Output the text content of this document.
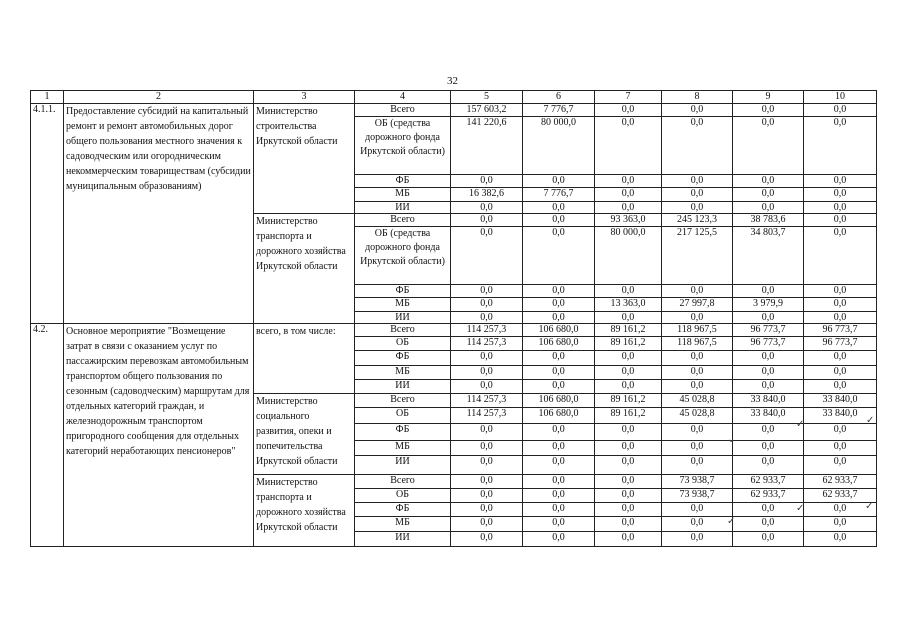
32
1	2	3	4	5	6	7	8	9	10
4.1.1.	Предоставление субсидий на капитальный ремонт и ремонт автомобильных дорог общего пользования местного значения к садоводческим или огородническим некоммерческим товариществам (субсидии муниципальным образованиям)	Министерство строительства Иркутской области	Всего	157 603,2	7 776,7	0,0	0,0	0,0	0,0
			ОБ (средства дорожного фонда Иркутской области)	141 220,6	80 000,0	0,0	0,0	0,0	0,0
			ФБ	0,0	0,0	0,0	0,0	0,0	0,0
			МБ	16 382,6	7 776,7	0,0	0,0	0,0	0,0
			ИИ	0,0	0,0	0,0	0,0	0,0	0,0
		Министерство транспорта и дорожного хозяйства Иркутской области	Всего	0,0	0,0	93 363,0	245 123,3	38 783,6	0,0
			ОБ (средства дорожного фонда Иркутской области)	0,0	0,0	80 000,0	217 125,5	34 803,7	0,0
			ФБ	0,0	0,0	0,0	0,0	0,0	0,0
			МБ	0,0	0,0	13 363,0	27 997,8	3 979,9	0,0
			ИИ	0,0	0,0	0,0	0,0	0,0	0,0
4.2.	Основное мероприятие "Возмещение затрат в связи с оказанием услуг по пассажирским перевозкам автомобильным транспортом общего пользования по сезонным (садоводческим) маршрутам для отдельных категорий граждан, и железнодорожным транспортом пригородного сообщения для отдельных категорий неработающих пенсионеров"	всего, в том числе:	Всего	114 257,3	106 680,0	89 161,2	118 967,5	96 773,7	96 773,7
			ОБ	114 257,3	106 680,0	89 161,2	118 967,5	96 773,7	96 773,7
			ФБ	0,0	0,0	0,0	0,0	0,0	0,0
			МБ	0,0	0,0	0,0	0,0	0,0	0,0
			ИИ	0,0	0,0	0,0	0,0	0,0	0,0
		Министерство социального развития, опеки и попечительства Иркутской области	Всего	114 257,3	106 680,0	89 161,2	45 028,8	33 840,0	33 840,0
			ОБ	114 257,3	106 680,0	89 161,2	45 028,8	33 840,0	33 840,0
			ФБ	0,0	0,0	0,0	0,0	0,0	0,0
			МБ	0,0	0,0	0,0	0,0	0,0	0,0
			ИИ	0,0	0,0	0,0	0,0	0,0	0,0
		Министерство транспорта и дорожного хозяйства Иркутской области	Всего	0,0	0,0	0,0	73 938,7	62 933,7	62 933,7
			ОБ	0,0	0,0	0,0	73 938,7	62 933,7	62 933,7
			ФБ	0,0	0,0	0,0	0,0	0,0	0,0
			МБ	0,0	0,0	0,0	0,0	0,0	0,0
			ИИ	0,0	0,0	0,0	0,0	0,0	0,0
✓	✓
⌄
✓	✓
✓
